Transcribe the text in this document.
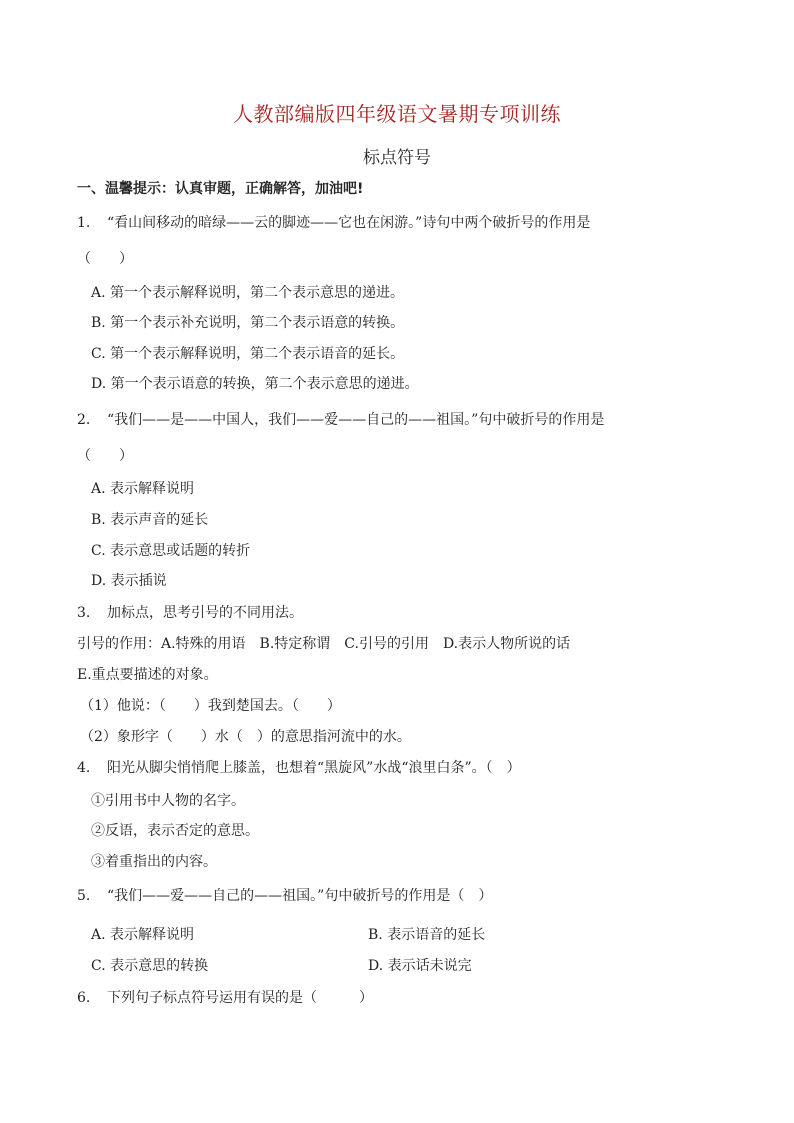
人教部编版四年级语文暑期专项训练
标点符号
一、温馨提示：认真审题，正确解答，加油吧!
1. “看山间移动的暗绿——云的脚迹——它也在闲游。”诗句中两个破折号的作用是
（　　）
A. 第一个表示解释说明，第二个表示意思的递进。
B. 第一个表示补充说明，第二个表示语意的转换。
C. 第一个表示解释说明，第二个表示语音的延长。
D. 第一个表示语意的转换，第二个表示意思的递进。
2. “我们——是——中国人，我们——爱——自己的——祖国。”句中破折号的作用是
（　　）
A. 表示解释说明
B. 表示声音的延长
C. 表示意思或话题的转折
D. 表示插说
3. 加标点，思考引号的不同用法。
引号的作用：A.特殊的用语　B.特定称谓　C.引号的引用　D.表示人物所说的话
E.重点要描述的对象。
（1）他说：（　　）我到楚国去。（　　）
（2）象形字（　　）水（　）的意思指河流中的水。
4. 阳光从脚尖悄悄爬上膝盖，也想着“黑旋风”水战“浪里白条”。（　）
①引用书中人物的名字。
②反语，表示否定的意思。
③着重指出的内容。
5. “我们——爱——自己的——祖国。”句中破折号的作用是（　）
A. 表示解释说明	B. 表示语音的延长
C. 表示意思的转换	D. 表示话未说完
6. 下列句子标点符号运用有误的是（　　　）
